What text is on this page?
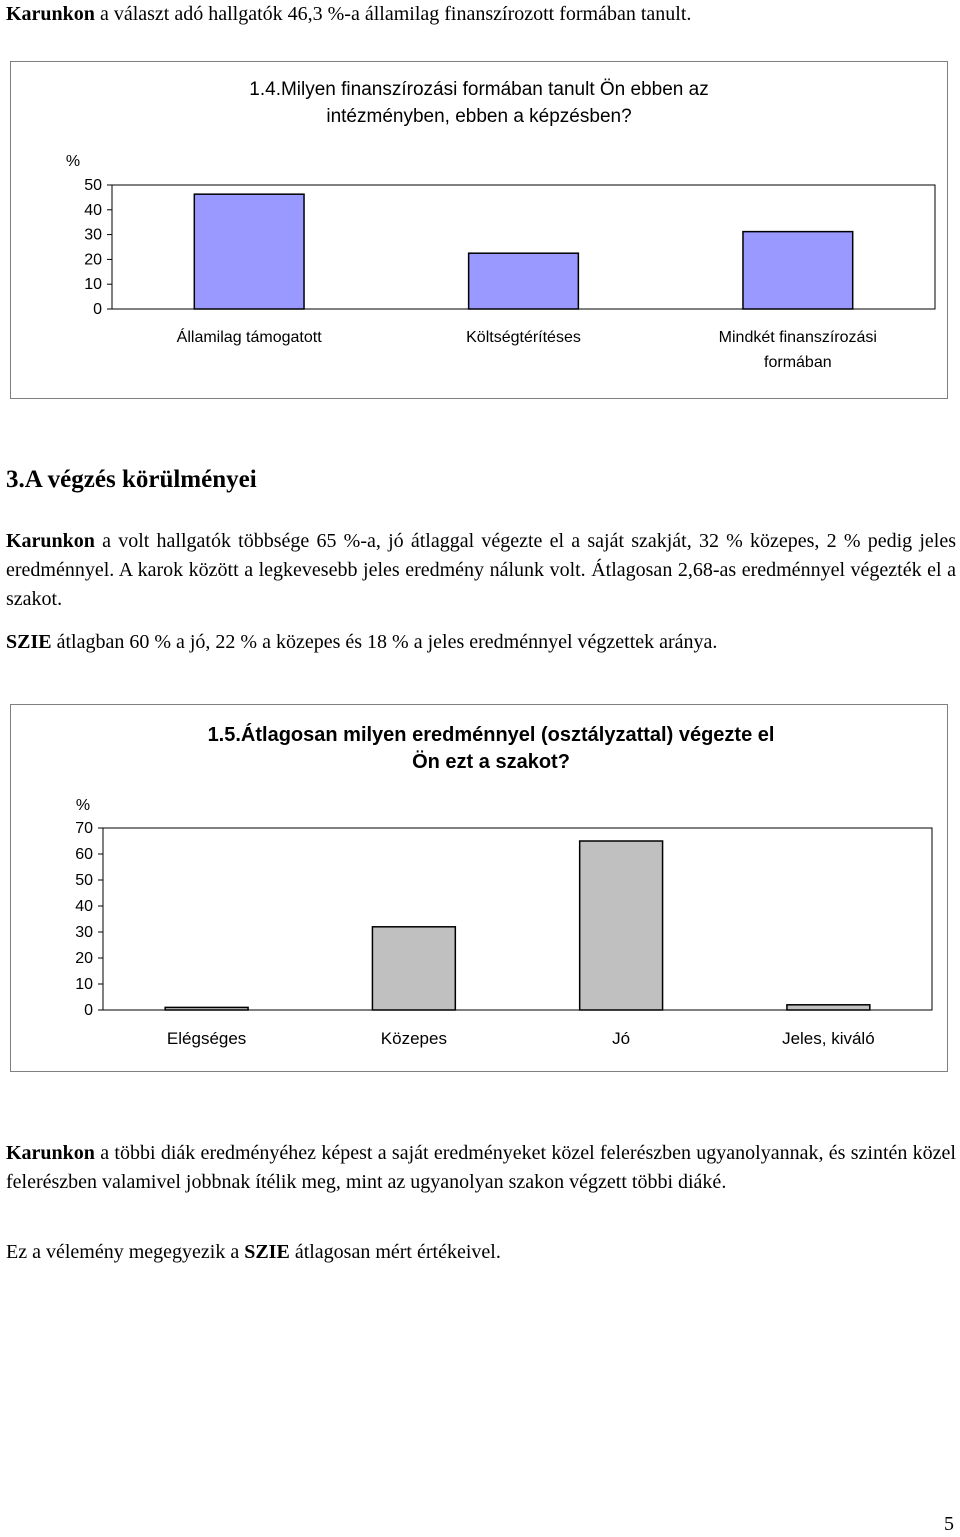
Karunkon a választ adó hallgatók 46,3 %-a államilag finanszírozott formában tanult.

1.4.Milyen finanszírozási formában tanult Ön ebben az
intézményben, ebben a képzésben?
%
0
10
20
30
40
50
Államilag támogatott	Költségtérítéses	Mindkét finanszírozási
formában
3.A végzés körülményei

Karunkon a volt hallgatók többsége 65 %-a, jó átlaggal végezte el a saját szakját, 32 % közepes, 2 % pedig jeles eredménnyel. A karok között a legkevesebb jeles eredmény nálunk volt. Átlagosan 2,68-as eredménnyel végezték el a szakot.

SZIE átlagban 60 % a jó, 22 % a közepes és 18 % a jeles eredménnyel végzettek aránya.

1.5.Átlagosan milyen eredménnyel (osztályzattal) végezte el
Ön ezt a szakot?
%
0
10
20
30
40
50
60
70
Elégséges	Közepes	Jó	Jeles, kiváló

Karunkon a többi diák eredményéhez képest a saját eredményeket közel felerészben ugyanolyannak, és szintén közel felerészben valamivel jobbnak ítélik meg, mint az ugyanolyan szakon végzett többi diáké.

Ez a vélemény megegyezik a SZIE átlagosan mért értékeivel.

5
